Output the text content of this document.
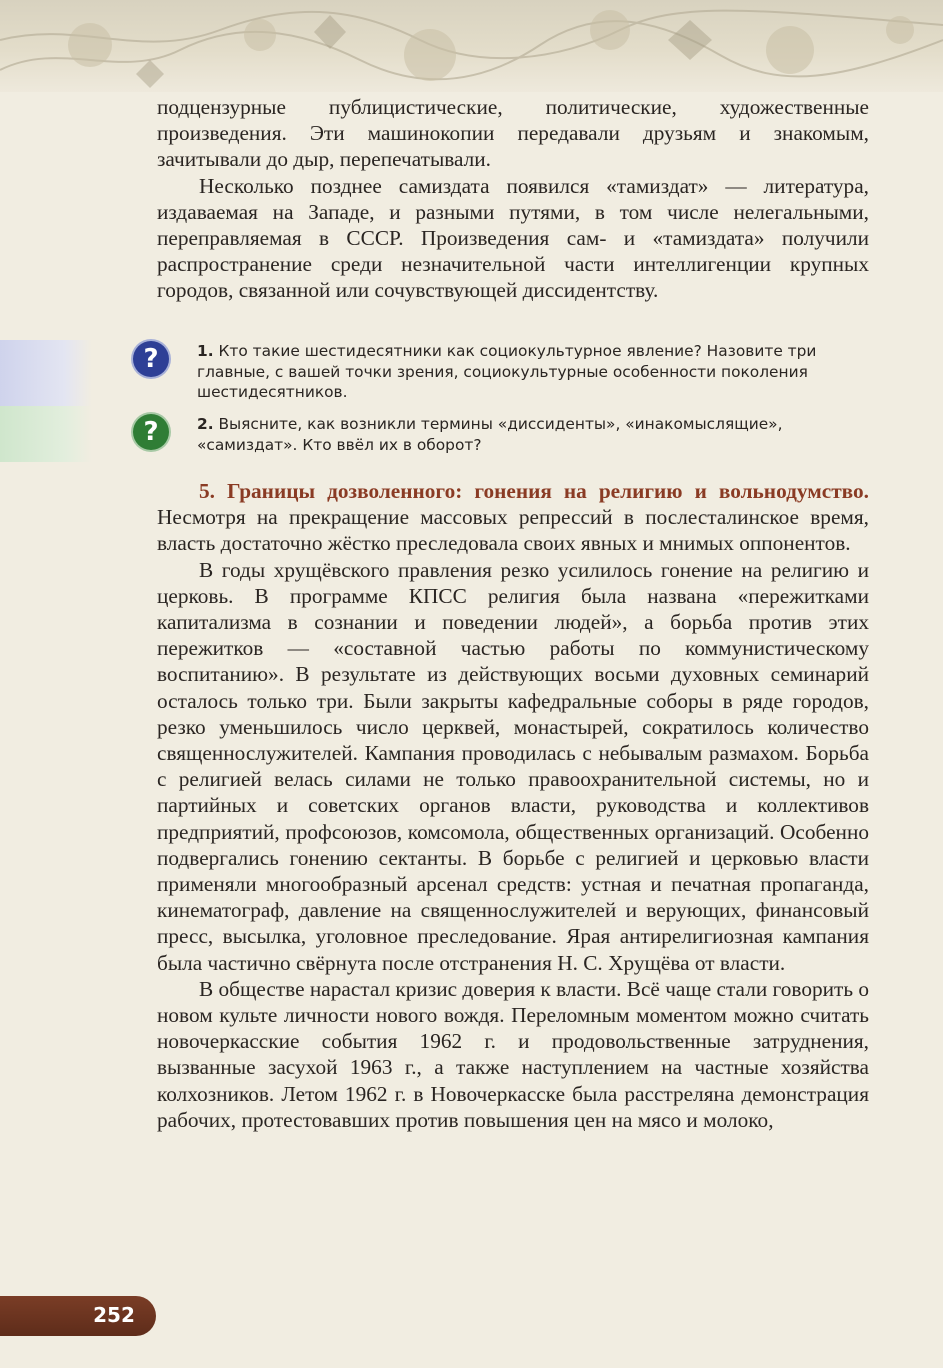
подцензурные публицистические, политические, художественные произведения. Эти машинокопии передавали друзьям и знакомым, зачитывали до дыр, перепечатывали.

Несколько позднее самиздата появился «тамиздат» — литература, издаваемая на Западе, и разными путями, в том числе нелегальными, переправляемая в СССР. Произведения сам- и «тамиздата» получили распространение среди незначительной части интеллигенции крупных городов, связанной или сочувствующей диссидентству.

?	1. Кто такие шестидесятники как социокультурное явление? Назовите три главные, с вашей точки зрения, социокультурные особенности поколения шестидесятников.

?	2. Выясните, как возникли термины «диссиденты», «инакомыслящие», «самиздат». Кто ввёл их в оборот?

5. Границы дозволенного: гонения на религию и вольнодумство. Несмотря на прекращение массовых репрессий в послесталинское время, власть достаточно жёстко преследовала своих явных и мнимых оппонентов.

В годы хрущёвского правления резко усилилось гонение на религию и церковь. В программе КПСС религия была названа «пережитками капитализма в сознании и поведении людей», а борьба против этих пережитков — «составной частью работы по коммунистическому воспитанию». В результате из действующих восьми духовных семинарий осталось только три. Были закрыты кафедральные соборы в ряде городов, резко уменьшилось число церквей, монастырей, сократилось количество священнослужителей. Кампания проводилась с небывалым размахом. Борьба с религией велась силами не только правоохранительной системы, но и партийных и советских органов власти, руководства и коллективов предприятий, профсоюзов, комсомола, общественных организаций. Особенно подвергались гонению сектанты. В борьбе с религией и церковью власти применяли многообразный арсенал средств: устная и печатная пропаганда, кинематограф, давление на священнослужителей и верующих, финансовый пресс, высылка, уголовное преследование. Ярая антирелигиозная кампания была частично свёрнута после отстранения Н. С. Хрущёва от власти.

В обществе нарастал кризис доверия к власти. Всё чаще стали говорить о новом культе личности нового вождя. Переломным моментом можно считать новочеркасские события 1962 г. и продовольственные затруднения, вызванные засухой 1963 г., а также наступлением на частные хозяйства колхозников. Летом 1962 г. в Новочеркасске была расстреляна демонстрация рабочих, протестовавших против повышения цен на мясо и молоко,

252
